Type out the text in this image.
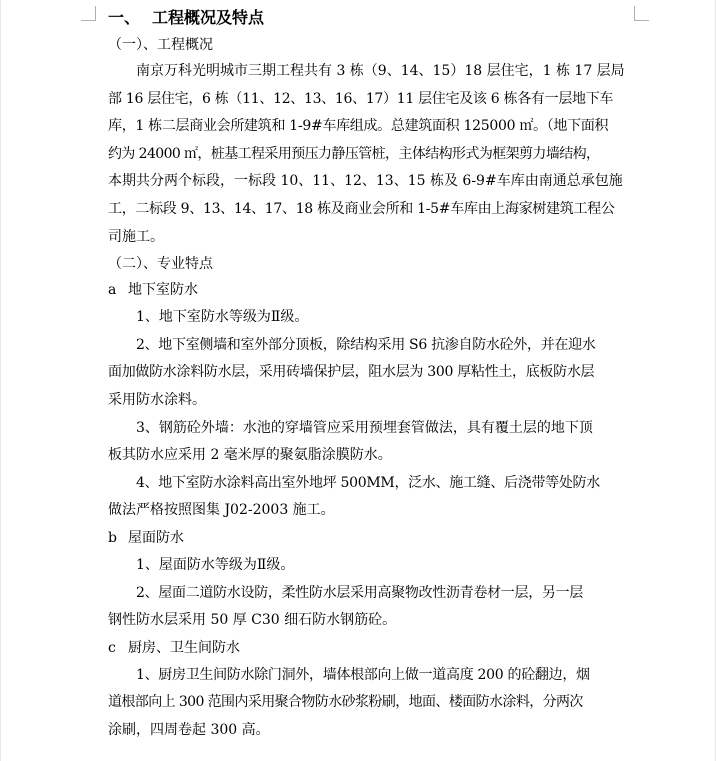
一、 工程概况及特点
（一）、工程概况
南京万科光明城市三期工程共有 3 栋（9、14、15）18 层住宅，1 栋 17 层局
部 16 层住宅，6 栋（11、12、13、16、17）11 层住宅及该 6 栋各有一层地下车
库，1 栋二层商业会所建筑和 1-9#车库组成。总建筑面积 125000 ㎡。（地下面积
约为 24000 ㎡，桩基工程采用预压力静压管桩，主体结构形式为框架剪力墙结构，
本期共分两个标段，一标段 10、11、12、13、15 栋及 6-9#车库由南通总承包施
工，二标段 9、13、14、17、18 栋及商业会所和 1-5#车库由上海家树建筑工程公
司施工。
（二）、专业特点
a 地下室防水
1、地下室防水等级为Ⅱ级。
2、地下室侧墙和室外部分顶板，除结构采用 S6 抗渗自防水砼外，并在迎水
面加做防水涂料防水层，采用砖墙保护层，阻水层为 300 厚粘性土，底板防水层
采用防水涂料。
3、钢筋砼外墙：水池的穿墙管应采用预埋套管做法，具有覆土层的地下顶
板其防水应采用 2 毫米厚的聚氨脂涂膜防水。
4、地下室防水涂料高出室外地坪 500MM，泛水、施工缝、后浇带等处防水
做法严格按照图集 J02-2003 施工。
b 屋面防水
1、屋面防水等级为Ⅱ级。
2、屋面二道防水设防，柔性防水层采用高聚物改性沥青卷材一层，另一层
钢性防水层采用 50 厚 C30 细石防水钢筋砼。
c 厨房、卫生间防水
1、厨房卫生间防水除门洞外，墙体根部向上做一道高度 200 的砼翻边，烟
道根部向上 300 范围内采用聚合物防水砂浆粉刷，地面、楼面防水涂料，分两次
涂刷，四周卷起 300 高。
